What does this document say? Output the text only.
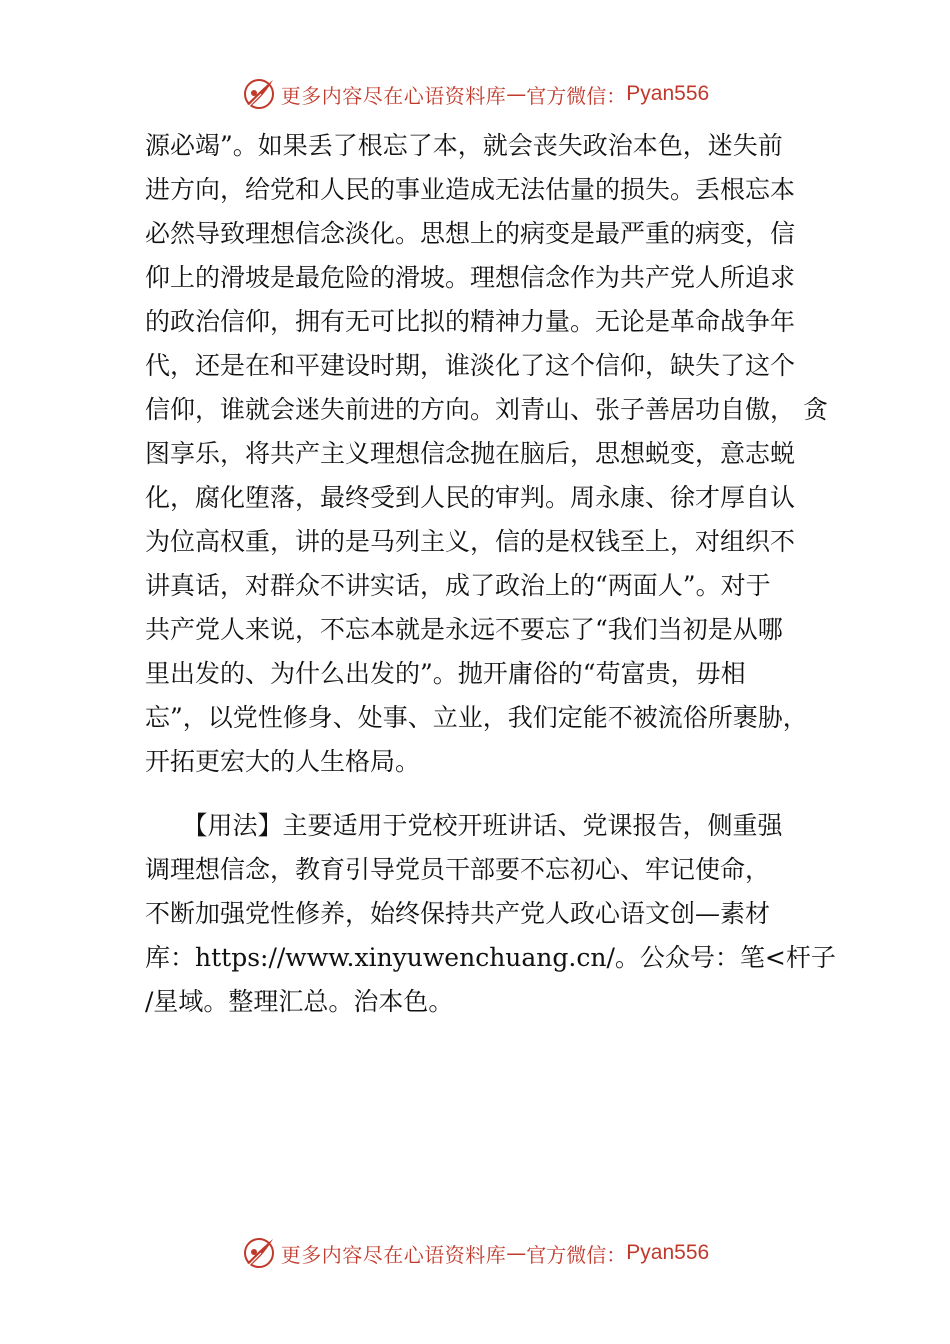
更多内容尽在心语资料库 — 官方微信： Pyan556
源必竭”。如果丢了根忘了本，就会丧失政治本色，迷失前
进方向，给党和人民的事业造成无法估量的损失。丢根忘本
必然导致理想信念淡化。思想上的病变是最严重的病变，信
仰上的滑坡是最危险的滑坡。理想信念作为共产党人所追求
的政治信仰，拥有无可比拟的精神力量。无论是革命战争年
代，还是在和平建设时期，谁淡化了这个信仰，缺失了这个
信仰，谁就会迷失前进的方向。刘青山、张子善居功自傲， 贪
图享乐，将共产主义理想信念抛在脑后，思想蜕变，意志蜕
化，腐化堕落，最终受到人民的审判。周永康、徐才厚自认
为位高权重，讲的是马列主义，信的是权钱至上，对组织不
讲真话，对群众不讲实话，成了政治上的“两面人”。对于
共产党人来说，不忘本就是永远不要忘了“我们当初是从哪
里出发的、为什么出发的”。抛开庸俗的“苟富贵，毋相
忘”，以党性修身、处事、立业，我们定能不被流俗所裹胁，
开拓更宏大的人生格局。
　　【用法】主要适用于党校开班讲话、党课报告，侧重强
调理想信念，教育引导党员干部要不忘初心、牢记使命，
不断加强党性修养，始终保持共产党人政心语文创—素材
库：https://www.xinyuwenchuang.cn/。公众号：笔<杆子
/星域。整理汇总。治本色。
更多内容尽在心语资料库 — 官方微信： Pyan556
